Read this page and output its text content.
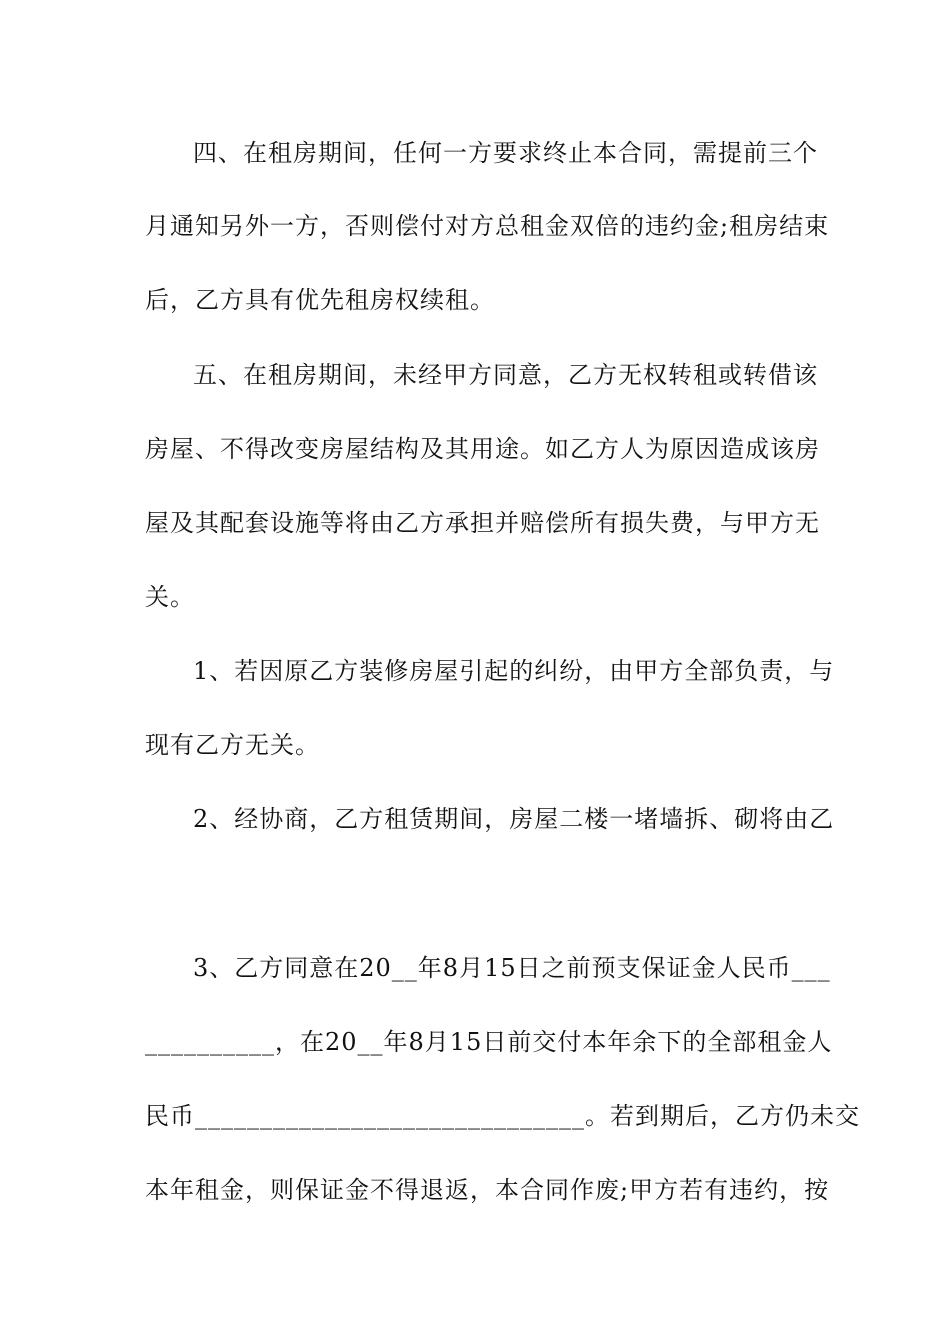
四、在租房期间，任何一方要求终止本合同，需提前三个
月通知另外一方，否则偿付对方总租金双倍的违约金;租房结束
后，乙方具有优先租房权续租。
五、在租房期间，未经甲方同意，乙方无权转租或转借该
房屋、不得改变房屋结构及其用途。如乙方人为原因造成该房
屋及其配套设施等将由乙方承担并赔偿所有损失费，与甲方无
关。
1、若因原乙方装修房屋引起的纠纷，由甲方全部负责，与
现有乙方无关。
2、经协商，乙方租赁期间，房屋二楼一堵墙拆、砌将由乙
3、乙方同意在20__年8月15日之前预支保证金人民币___
__________，在20__年8月15日前交付本年余下的全部租金人
民币______________________________。若到期后，乙方仍未交
本年租金，则保证金不得退返，本合同作废;甲方若有违约，按
